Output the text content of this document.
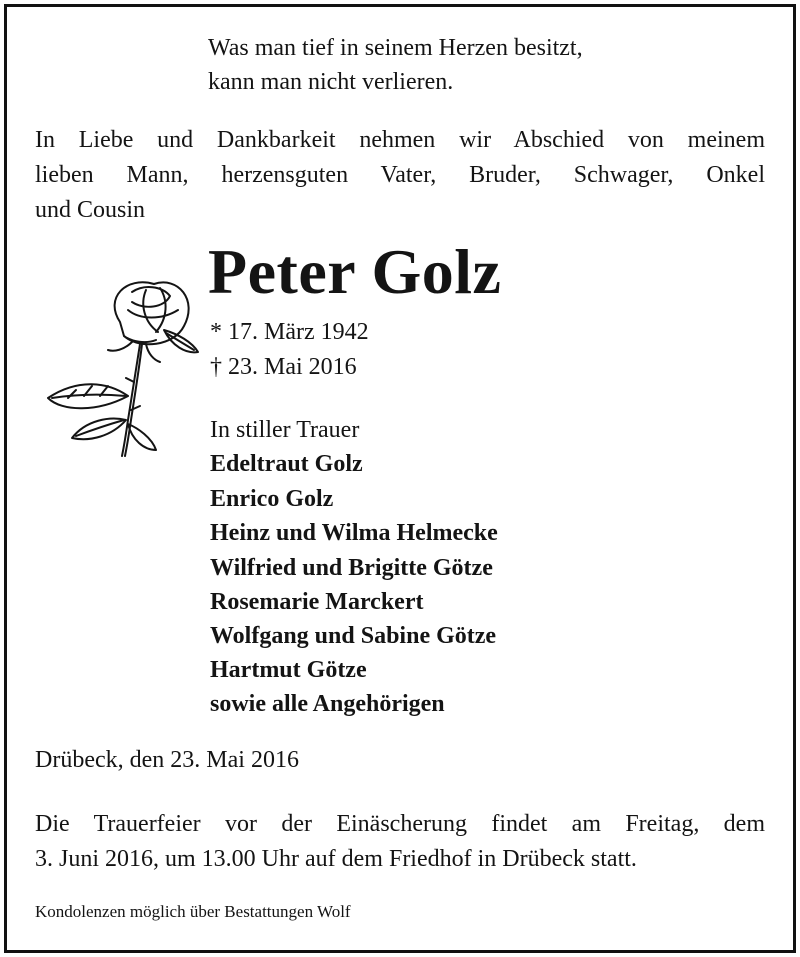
Was man tief in seinem Herzen besitzt,
kann man nicht verlieren.
In Liebe und Dankbarkeit nehmen wir Abschied von meinem
lieben Mann, herzensguten Vater, Bruder, Schwager, Onkel
und Cousin
Peter Golz
* 17. März 1942
† 23. Mai 2016
In stiller Trauer
Edeltraut Golz
Enrico Golz
Heinz und Wilma Helmecke
Wilfried und Brigitte Götze
Rosemarie Marckert
Wolfgang und Sabine Götze
Hartmut Götze
sowie alle Angehörigen
Drübeck, den 23. Mai 2016
Die Trauerfeier vor der Einäscherung findet am Freitag, dem
3. Juni 2016, um 13.00 Uhr auf dem Friedhof in Drübeck statt.
Kondolenzen möglich über Bestattungen Wolf
